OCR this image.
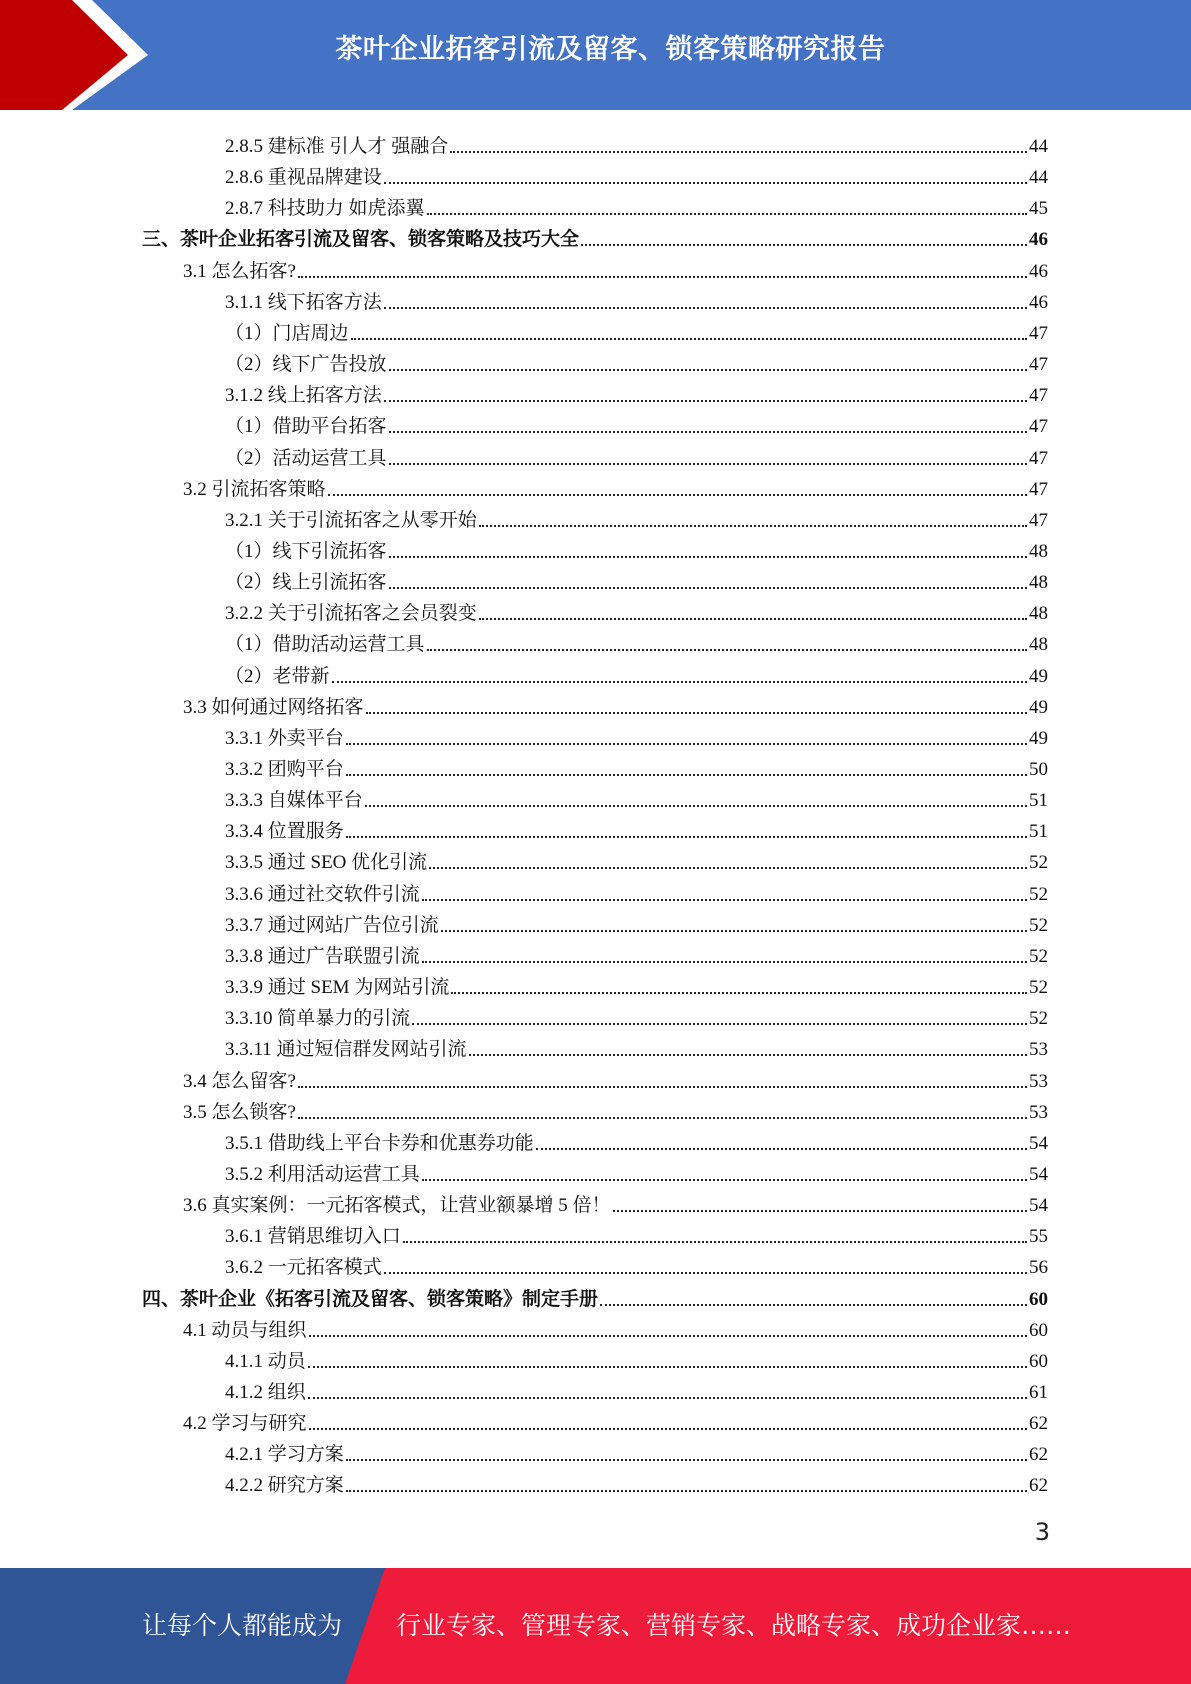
茶叶企业拓客引流及留客、锁客策略研究报告
2.8.5 建标准 引人才 强融合	44
2.8.6 重视品牌建设	44
2.8.7 科技助力 如虎添翼	45
三、茶叶企业拓客引流及留客、锁客策略及技巧大全	46
3.1 怎么拓客?	46
3.1.1 线下拓客方法	46
（1）门店周边	47
（2）线下广告投放	47
3.1.2 线上拓客方法	47
（1）借助平台拓客	47
（2）活动运营工具	47
3.2 引流拓客策略	47
3.2.1 关于引流拓客之从零开始	47
（1）线下引流拓客	48
（2）线上引流拓客	48
3.2.2 关于引流拓客之会员裂变	48
（1）借助活动运营工具	48
（2）老带新	49
3.3 如何通过网络拓客	49
3.3.1 外卖平台	49
3.3.2 团购平台	50
3.3.3 自媒体平台	51
3.3.4 位置服务	51
3.3.5 通过 SEO 优化引流	52
3.3.6 通过社交软件引流	52
3.3.7 通过网站广告位引流	52
3.3.8 通过广告联盟引流	52
3.3.9 通过 SEM 为网站引流	52
3.3.10 简单暴力的引流	52
3.3.11 通过短信群发网站引流	53
3.4 怎么留客?	53
3.5 怎么锁客?	53
3.5.1 借助线上平台卡券和优惠券功能	54
3.5.2 利用活动运营工具	54
3.6 真实案例：一元拓客模式，让营业额暴增 5 倍！	54
3.6.1 营销思维切入口	55
3.6.2 一元拓客模式	56
四、茶叶企业《拓客引流及留客、锁客策略》制定手册	60
4.1 动员与组织	60
4.1.1 动员	60
4.1.2 组织	61
4.2 学习与研究	62
4.2.1 学习方案	62
4.2.2 研究方案	62
3
让每个人都能成为 行业专家、管理专家、营销专家、战略专家、成功企业家……
